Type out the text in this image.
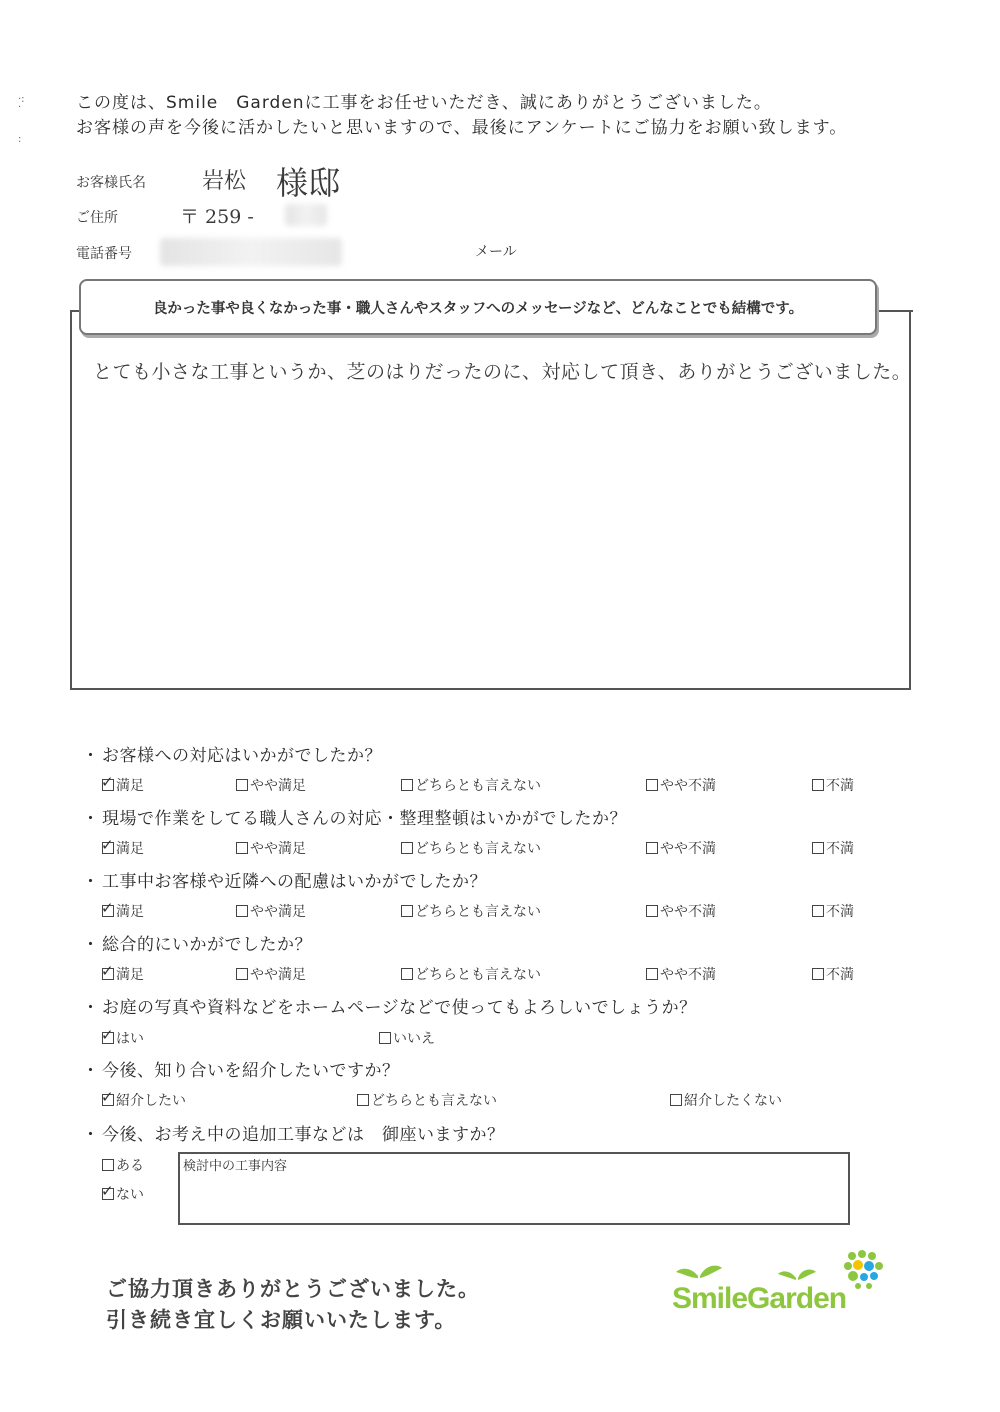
·:
·

:
この度は、Smile　Gardenに工事をお任せいただき、誠にありがとうございました。
お客様の声を今後に活かしたいと思いますので、最後にアンケートにご協力をお願い致します。
お客様氏名	岩松 様邸
ご住所	〒 259 -
電話番号	メール
良かった事や良くなかった事・職人さんやスタッフへのメッセージなど、どんなことでも結構です。
とても小さな工事というか、芝のはりだったのに、対応して頂き、ありがとうございました。
・ お客様への対応はいかがでしたか？
✓
満足	やや満足	どちらとも言えない	やや不満	不満
・ 現場で作業をしてる職人さんの対応・整理整頓はいかがでしたか？
✓
満足	やや満足	どちらとも言えない	やや不満	不満
・ 工事中お客様や近隣への配慮はいかがでしたか？
✓
満足	やや満足	どちらとも言えない	やや不満	不満
・ 総合的にいかがでしたか？
✓
満足	やや満足	どちらとも言えない	やや不満	不満
・ お庭の写真や資料などをホームページなどで使ってもよろしいでしょうか？
✓
はい	いいえ
・ 今後、知り合いを紹介したいですか？
✓
紹介したい	どちらとも言えない	紹介したくない
・ 今後、お考え中の追加工事などは　御座いますか？
ある
✓
ない
検討中の工事内容
ご協力頂きありがとうございました。
引き続き宜しくお願いいたします。
SmileGarden
